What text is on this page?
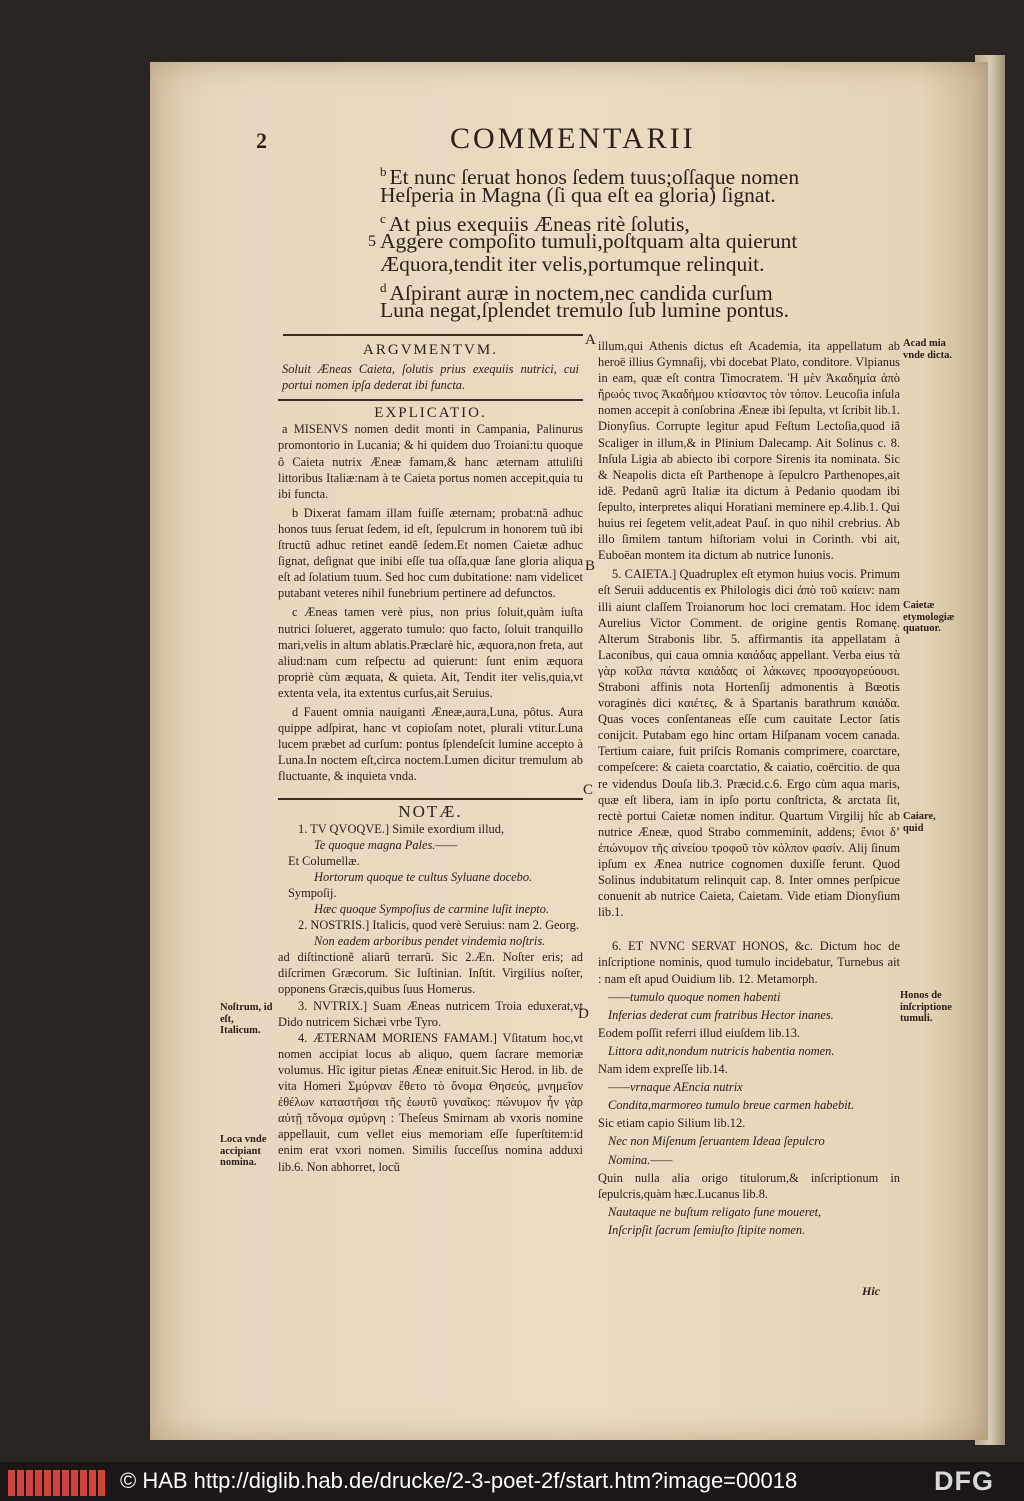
2	COMMENTARII
5
$^b$ Et nunc ſeruat honos ſedem tuus;oſſaque nomen
Heſperia in Magna (ſi qua eſt ea gloria) ſignat.
$^c$ At pius exequiis Æneas ritè ſolutis,
Aggere compoſito tumuli,poſtquam alta quierunt
Æquora,tendit iter velis,portumque relinquit.
$^d$ Aſpirant auræ in noctem,nec candida curſum
Luna negat,ſplendet tremulo ſub lumine pontus.

ARGVMENTVM.

Soluit Æneas Caieta, ſolutis prius exequiis nutrici, cui portui nomen ipſa dederat ibi functa.

EXPLICATIO.

a MISENVS nomen dedit monti in Campania, Palinurus promontorio in Lucania; & hi quidem duo Troiani:tu quoque ô Caieta nutrix Æneæ famam,& hanc æternam attuliſti littoribus Italiæ:nam à te Caieta portus nomen accepit,quia tu ibi functa.

b Dixerat famam illam fuiſſe æternam; probat:nã adhuc honos tuus ſeruat ſedem, id eſt, ſepulcrum in honorem tuũ ibi ſtructũ adhuc retinet eandẽ ſedem.Et nomen Caietæ adhuc ſignat, deſignat que inibi eſſe tua oſſa,quæ ſane gloria aliqua eſt ad ſolatium tuum. Sed hoc cum dubitatione: nam videlicet putabant veteres nihil funebrium pertinere ad defunctos.

c Æneas tamen verè pius, non prius ſoluit,quàm iuſta nutrici ſolueret, aggerato tumulo: quo facto, ſoluit tranquillo mari,velis in altum ablatis.Præclarè hic, æquora,non freta, aut aliud:nam cum reſpectu ad quierunt: ſunt enim æquora propriè cùm æquata, & quieta. Ait, Tendit iter velis,quia,vt extenta vela, ita extentus curſus,ait Seruius.

d Fauent omnia nauiganti Æneæ,aura,Luna, pôtus. Aura quippe adſpirat, hanc vt copioſam notet, plurali vtitur.Luna lucem præbet ad curſum: pontus ſplendeſcit lumine accepto à Luna.In noctem eſt,circa noctem.Lumen dicitur tremulum ab fluctuante, & inquieta vnda.

NOTÆ.

1. TV QVOQVE.] Simile exordium illud,

Te quoque magna Pales.——

Et Columellæ.

Hortorum quoque te cultus Syluane docebo.

Sympoſij.

Hæc quoque Sympoſius de carmine luſit inepto.

2. NOSTRIS.] Italicis, quod verè Seruius: nam 2. Georg.

Non eadem arboribus pendet vindemia noſtris.

ad diſtinctionẽ aliarũ terrarũ. Sic 2.Æn. Noſter eris; ad diſcrimen Græcorum. Sic Iuſtinian. Inſtit. Virgilius noſter, opponens Græcis,quibus ſuus Homerus.

3. NVTRIX.] Suam Æneas nutricem Troia eduxerat,vt Dido nutricem Sichæi vrbe Tyro.

4. ÆTERNAM MORIENS FAMAM.] Vſitatum hoc,vt nomen accipiat locus ab aliquo, quem ſacrare memoriæ volumus. Hîc igitur pietas Æneæ enituit.Sic Herod. in lib. de vita Homeri Σμύρναν ἔθετο τὸ ὄνομα Θησεύς, μνημεῖον ἐθέλων καταστῆσαι τῆς ἑωυτῦ γυναῖκος: πώνυμον ἦν γὰρ αὐτῇ τὄνομα σμύρνη : Theſeus Smirnam ab vxoris nomine appellauit, cum vellet eius memoriam eſſe ſuperſtitem:id enim erat vxori nomen. Similis ſucceſſus nomina adduxi lib.6. Non abhorret, locũ

illum,qui Athenis dictus eſt Academia, ita appellatum ab heroë illius Gymnaſij, vbi docebat Plato, conditore. Vlpianus in eam, quæ eſt contra Timocratem. Ἡ μὲν Ἀκαδημία ἀπὸ ἥρωός τινος Ἀκαδήμου κτίσαντος τὸν τόπον. Leucoſia inſula nomen accepit à conſobrina Æneæ ibi ſepulta, vt ſcribit lib.1. Dionyſius. Corrupte legitur apud Feſtum Lectoſia,quod iã Scaliger in illum,& in Plinium Dalecamp. Ait Solinus c. 8. Inſula Ligia ab abiecto ibi corpore Sirenis ita nominata. Sic & Neapolis dicta eſt Parthenope à ſepulcro Parthenopes,ait idẽ. Pedanũ agrũ Italiæ ita dictum à Pedanio quodam ibi ſepulto, interpretes aliqui Horatiani meminere ep.4.lib.1. Qui huius rei ſegetem velit,adeat Pauſ. in quo nihil crebrius. Ab illo ſimilem tantum hiſtoriam volui in Corinth. vbi ait, Euboëan montem ita dictum ab nutrice Iunonis.

5. CAIETA.] Quadruplex eſt etymon huius vocis. Primum eſt Seruii adducentis ex Philologis dici ἀπὸ τοῦ καίειν: nam illi aiunt claſſem Troianorum hoc loci crematam. Hoc idem Aurelius Victor Comment. de origine gentis Romanę. Alterum Strabonis libr. 5. affirmantis ita appellatam à Laconibus, qui caua omnia καιάδας appellant. Verba eius τὰ γὰρ κοῖλα πάντα καιάδας οἱ λάκωνες προσαγορεύουσι. Straboni affinis nota Hortenſij admonentis à Bœotis voraginès dici καιέτες, & à Spartanis barathrum καιάδα. Quas voces conſentaneas eſſe cum cauitate Lector ſatis conijcit. Putabam ego hinc ortam Hiſpanam vocem canada. Tertium caiare, fuit priſcis Romanis comprimere, coarctare, compeſcere: & caieta coarctatio, & caiatio, coërcitio. de qua re videndus Douſa lib.3. Præcid.c.6. Ergo cùm aqua maris, quæ eſt libera, iam in ipſo portu conſtricta, & arctata ſit, rectè portui Caietæ nomen inditur. Quartum Virgilij hîc ab nutrice Æneæ, quod Strabo commeminit, addens; ἔνιοι δ’ ἐπώνυμον τῆς αἰνείου τροφοῦ τὸν κόλπον φασίν. Alij ſinum ipſum ex Ænea nutrice cognomen duxiſſe ferunt. Quod Solinus indubitatum relinquit cap. 8. Inter omnes perſpicue conuenit ab nutrice Caieta, Caietam. Vide etiam Dionyſium lib.1.

6. ET NVNC SERVAT HONOS, &c. Dictum hoc de inſcriptione nominis, quod tumulo incidebatur, Turnebus ait : nam eſt apud Ouidium lib. 12. Metamorph.

——tumulo quoque nomen habenti

Inferias dederat cum fratribus Hector inanes.

Eodem poſſit referri illud eiuſdem lib.13.

Littora adit,nondum nutricis habentia nomen.

Nam idem expreſſe lib.14.

——vrnaque AEncia nutrix

Condita,marmoreo tumulo breue carmen habebit.

Sic etiam capio Silium lib.12.

Nec non Miſenum ſeruantem Ideaa ſepulcro

Nomina.——

Quin nulla alia origo titulorum,& inſcriptionum in ſepulcris,quàm hæc.Lucanus lib.8.

Nautaque ne buſtum religato fune moueret,

Inſcripſit ſacrum ſemiuſto ſtipite nomen.

Acad mia vnde dicta.
Caietæ etymologiæ quatuor.
Caiare, quid
Honos de inſcriptione tumuli.
Noſtrum, id eſt, Italicum.
Loca vnde accipiant nomina.
A
B
C
D
Hic
© HAB http://diglib.hab.de/drucke/2-3-poet-2f/start.htm?image=00018	DFG
